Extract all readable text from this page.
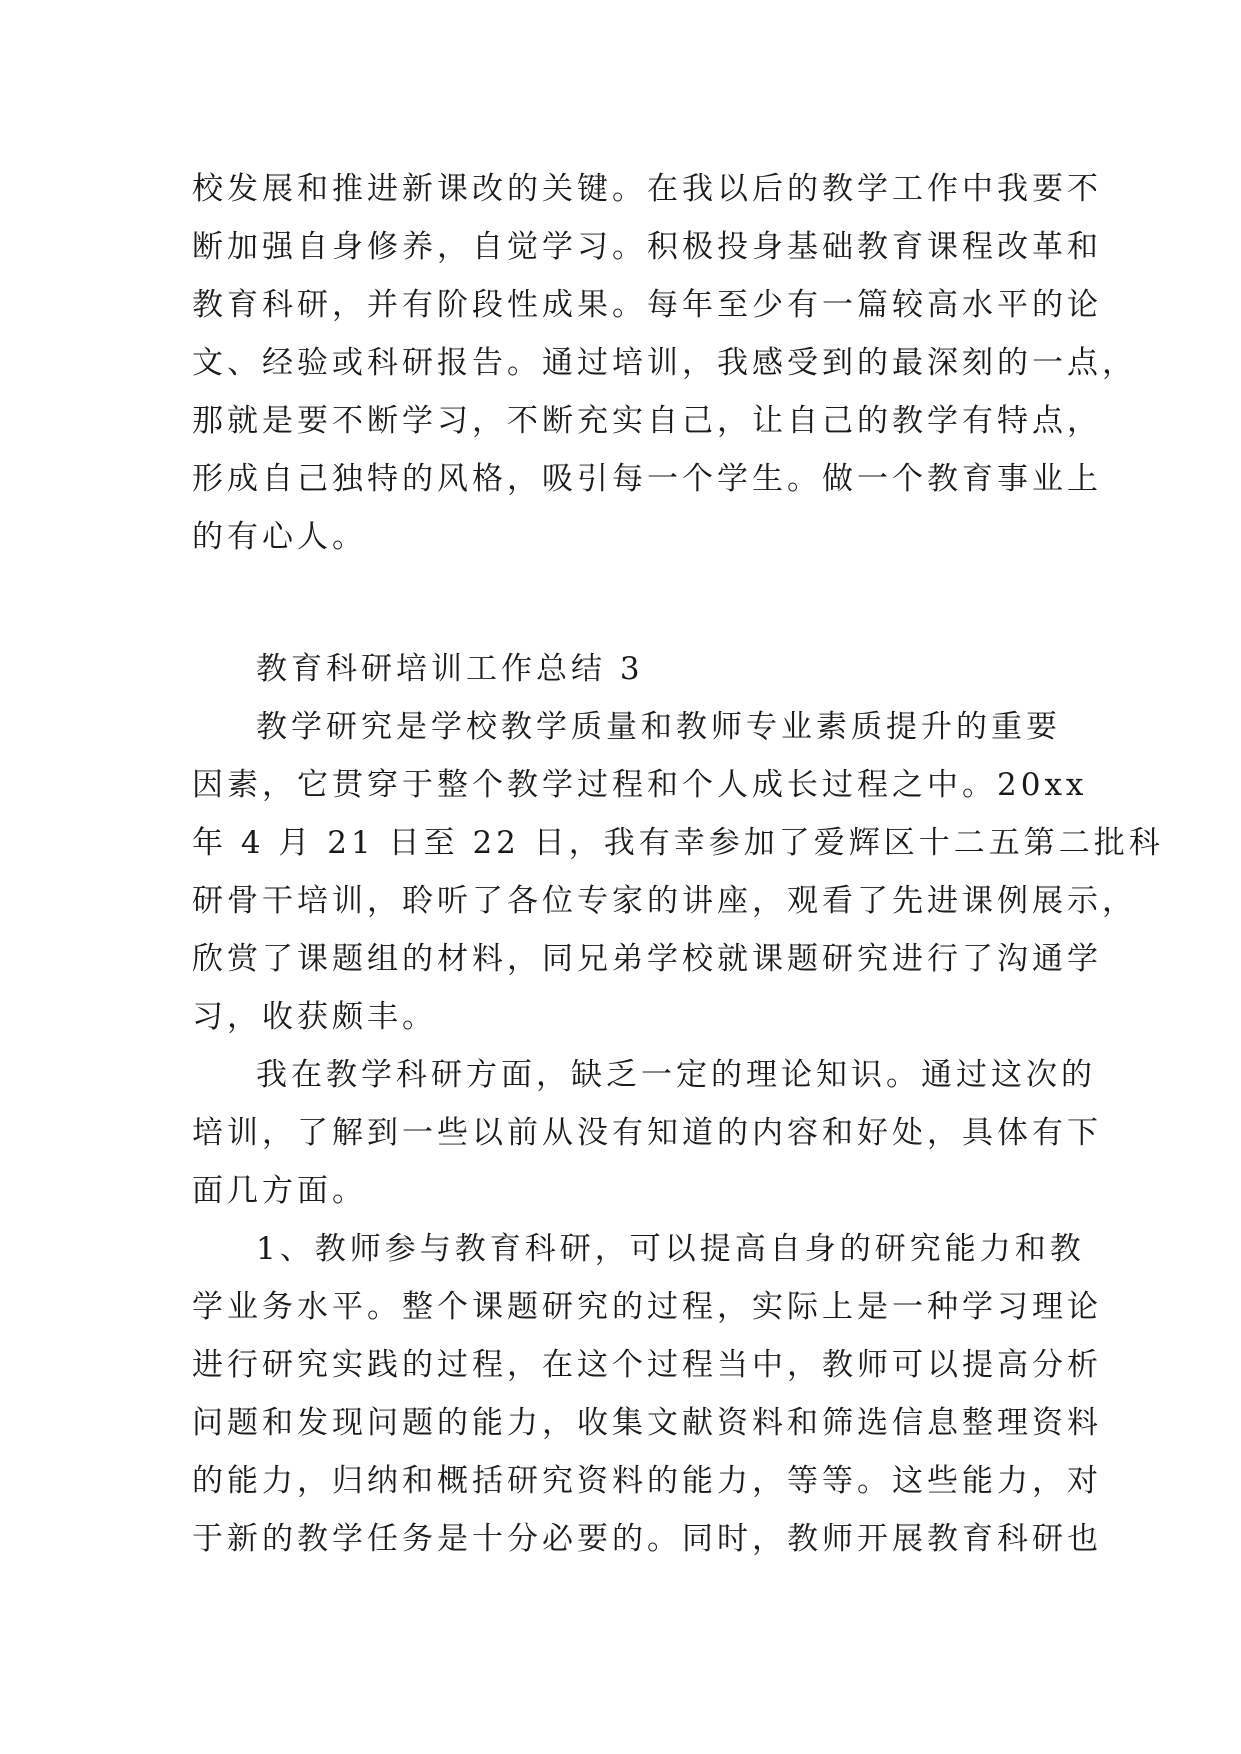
校发展和推进新课改的关键。在我以后的教学工作中我要不
断加强自身修养，自觉学习。积极投身基础教育课程改革和
教育科研，并有阶段性成果。每年至少有一篇较高水平的论
文、经验或科研报告。通过培训，我感受到的最深刻的一点，
那就是要不断学习，不断充实自己，让自己的教学有特点，
形成自己独特的风格，吸引每一个学生。做一个教育事业上
的有心人。
教育科研培训工作总结 3
教学研究是学校教学质量和教师专业素质提升的重要
因素，它贯穿于整个教学过程和个人成长过程之中。20xx
年 4 月 21 日至 22 日，我有幸参加了爱辉区十二五第二批科
研骨干培训，聆听了各位专家的讲座，观看了先进课例展示，
欣赏了课题组的材料，同兄弟学校就课题研究进行了沟通学
习，收获颇丰。
我在教学科研方面，缺乏一定的理论知识。通过这次的
培训，了解到一些以前从没有知道的内容和好处，具体有下
面几方面。
1、教师参与教育科研，可以提高自身的研究能力和教
学业务水平。整个课题研究的过程，实际上是一种学习理论
进行研究实践的过程，在这个过程当中，教师可以提高分析
问题和发现问题的能力，收集文献资料和筛选信息整理资料
的能力，归纳和概括研究资料的能力，等等。这些能力，对
于新的教学任务是十分必要的。同时，教师开展教育科研也
